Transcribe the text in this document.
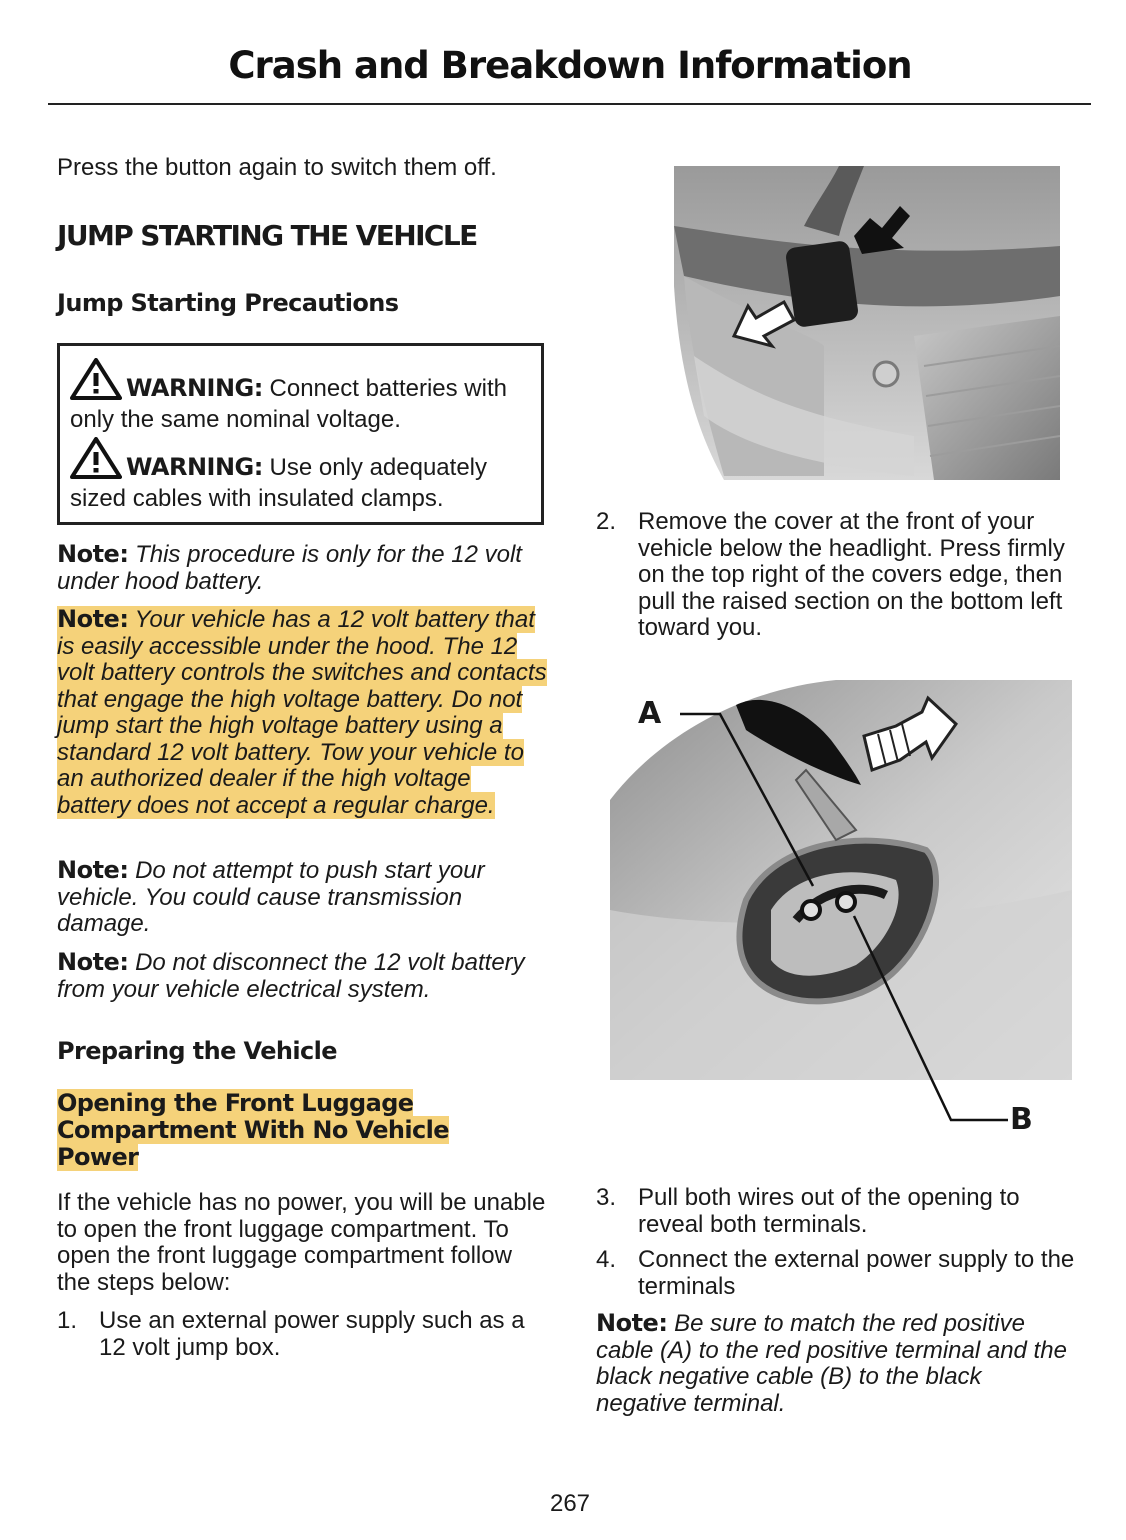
Crash and Breakdown Information

Press the button again to switch them off.

JUMP STARTING THE VEHICLE
Jump Starting Precautions
WARNING: Connect batteries with only the same nominal voltage.
WARNING: Use only adequately sized cables with insulated clamps.

Note: This procedure is only for the 12 volt under hood battery.

Note: Your vehicle has a 12 volt battery that is easily accessible under the hood. The 12 volt battery controls the switches and contacts that engage the high voltage battery. Do not jump start the high voltage battery using a standard 12 volt battery. Tow your vehicle to an authorized dealer if the high voltage battery does not accept a regular charge.

Note: Do not attempt to push start your vehicle. You could cause transmission damage.

Note: Do not disconnect the 12 volt battery from your vehicle electrical system.

Preparing the Vehicle
Opening the Front Luggage Compartment With No Vehicle Power

If the vehicle has no power, you will be unable to open the front luggage compartment. To open the front luggage compartment follow the steps below:

1. Use an external power supply such as a 12 volt jump box.
2. Remove the cover at the front of your vehicle below the headlight. Press firmly on the top right of the covers edge, then pull the raised section on the bottom left toward you.
A
B
3. Pull both wires out of the opening to reveal both terminals.
4. Connect the external power supply to the terminals

Note: Be sure to match the red positive cable (A) to the red positive terminal and the black negative cable (B) to the black negative terminal.

267
